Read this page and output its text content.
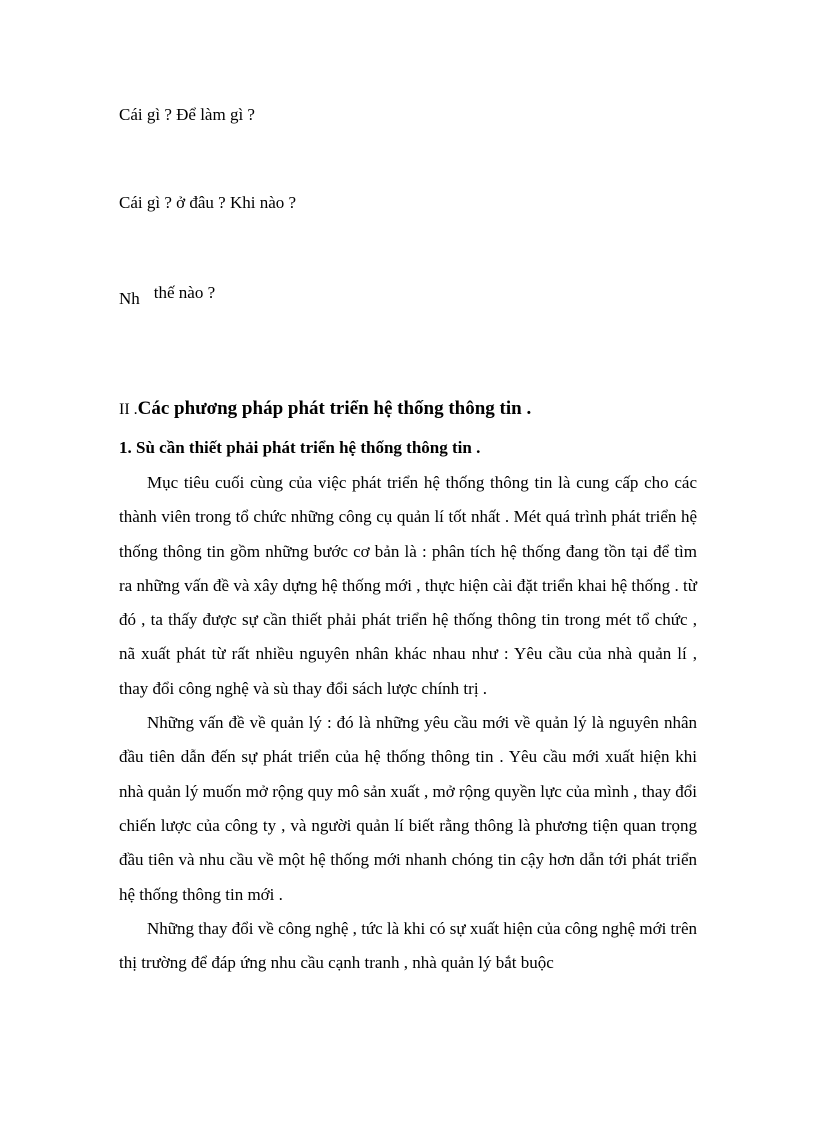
Cái gì ? Để làm gì ?
Cái gì ? ở đâu ? Khi nào ?
Nh thế nào ?
II .Các phương pháp phát triển hệ thống thông tin .
1. Sù cần thiết phải phát triển hệ thống thông tin .

Mục tiêu cuối cùng của việc phát triển hệ thống thông tin là cung cấp cho các thành viên trong tổ chức những công cụ quản lí tốt nhất . Mét quá trình phát triển hệ thống thông tin gồm những bước cơ bản là : phân tích hệ thống đang tồn tại để tìm ra những vấn đề và xây dựng hệ thống mới , thực hiện cài đặt triển khai hệ thống . từ đó , ta thấy được sự cần thiết phải phát triển hệ thống thông tin trong mét tổ chức , nã xuất phát từ rất nhiều nguyên nhân khác nhau như : Yêu cầu của nhà quản lí , thay đổi công nghệ và sù thay đổi sách lược chính trị .

Những vấn đề về quản lý : đó là những yêu cầu mới về quản lý là nguyên nhân đầu tiên dẫn đến sự phát triển của hệ thống thông tin . Yêu cầu mới xuất hiện khi nhà quản lý muốn mở rộng quy mô sản xuất , mở rộng quyền lực của mình , thay đổi chiến lược của công ty , và người quản lí biết rằng thông là phương tiện quan trọng đầu tiên và nhu cầu về một hệ thống mới nhanh chóng tin cậy hơn dẫn tới phát triển hệ thống thông tin mới .

Những thay đổi về công nghệ , tức là khi có sự xuất hiện của công nghệ mới trên thị trường để đáp ứng nhu cầu cạnh tranh , nhà quản lý bắt buộc
